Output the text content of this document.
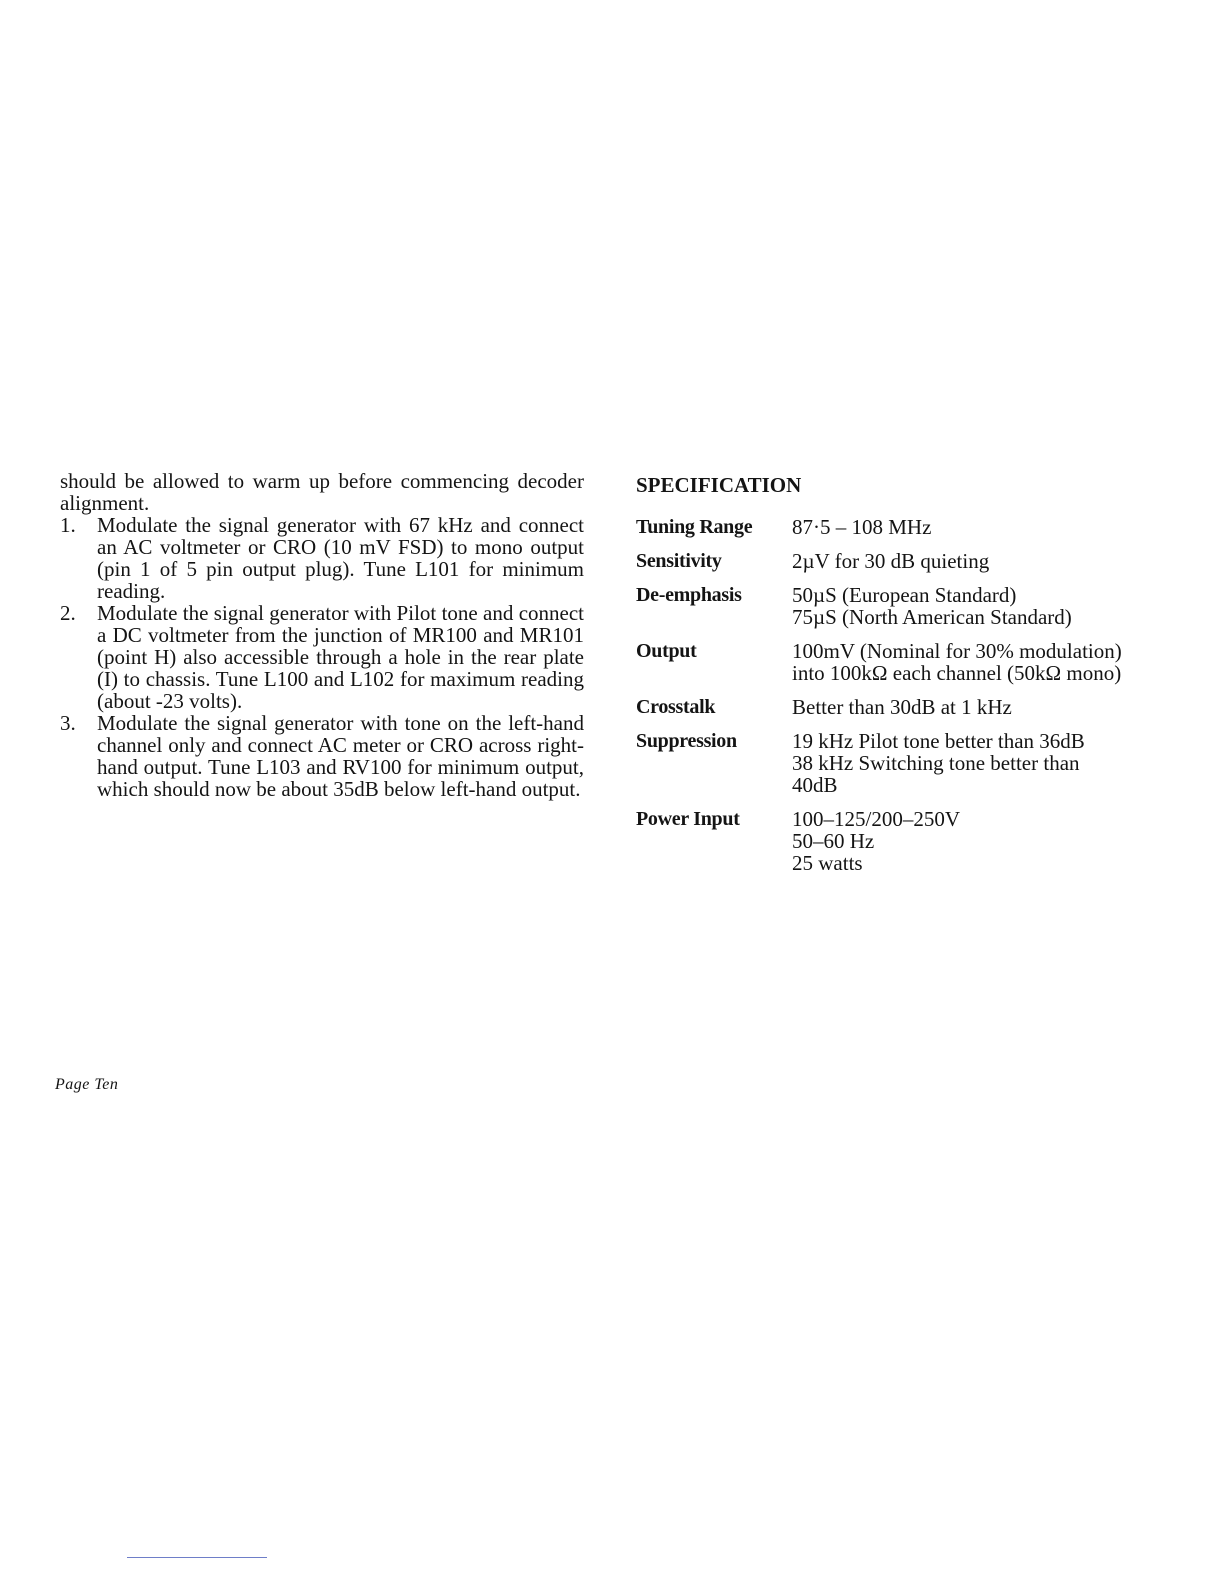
should be allowed to warm up before commencing decoder alignment.

1.	Modulate the signal generator with 67 kHz and connect an AC voltmeter or CRO (10 mV FSD) to mono output (pin 1 of 5 pin output plug). Tune L101 for minimum reading.
2.	Modulate the signal generator with Pilot tone and connect a DC voltmeter from the junction of MR100 and MR101 (point H) also accessible through a hole in the rear plate (I) to chassis. Tune L100 and L102 for maximum reading (about -23 volts).
3.	Modulate the signal generator with tone on the left-hand channel only and connect AC meter or CRO across right-hand output. Tune L103 and RV100 for minimum output, which should now be about 35dB below left-hand output.
SPECIFICATION
Tuning Range	87·5 – 108 MHz
Sensitivity	2µV for 30 dB quieting
De-emphasis	50µS (European Standard)
75µS (North American Standard)
Output	100mV (Nominal for 30% modulation)
into 100kΩ each channel (50kΩ mono)
Crosstalk	Better than 30dB at 1 kHz
Suppression	19 kHz Pilot tone better than 36dB
38 kHz Switching tone better than
40dB
Power Input	100–125/200–250V
50–60 Hz
25 watts
Page Ten
